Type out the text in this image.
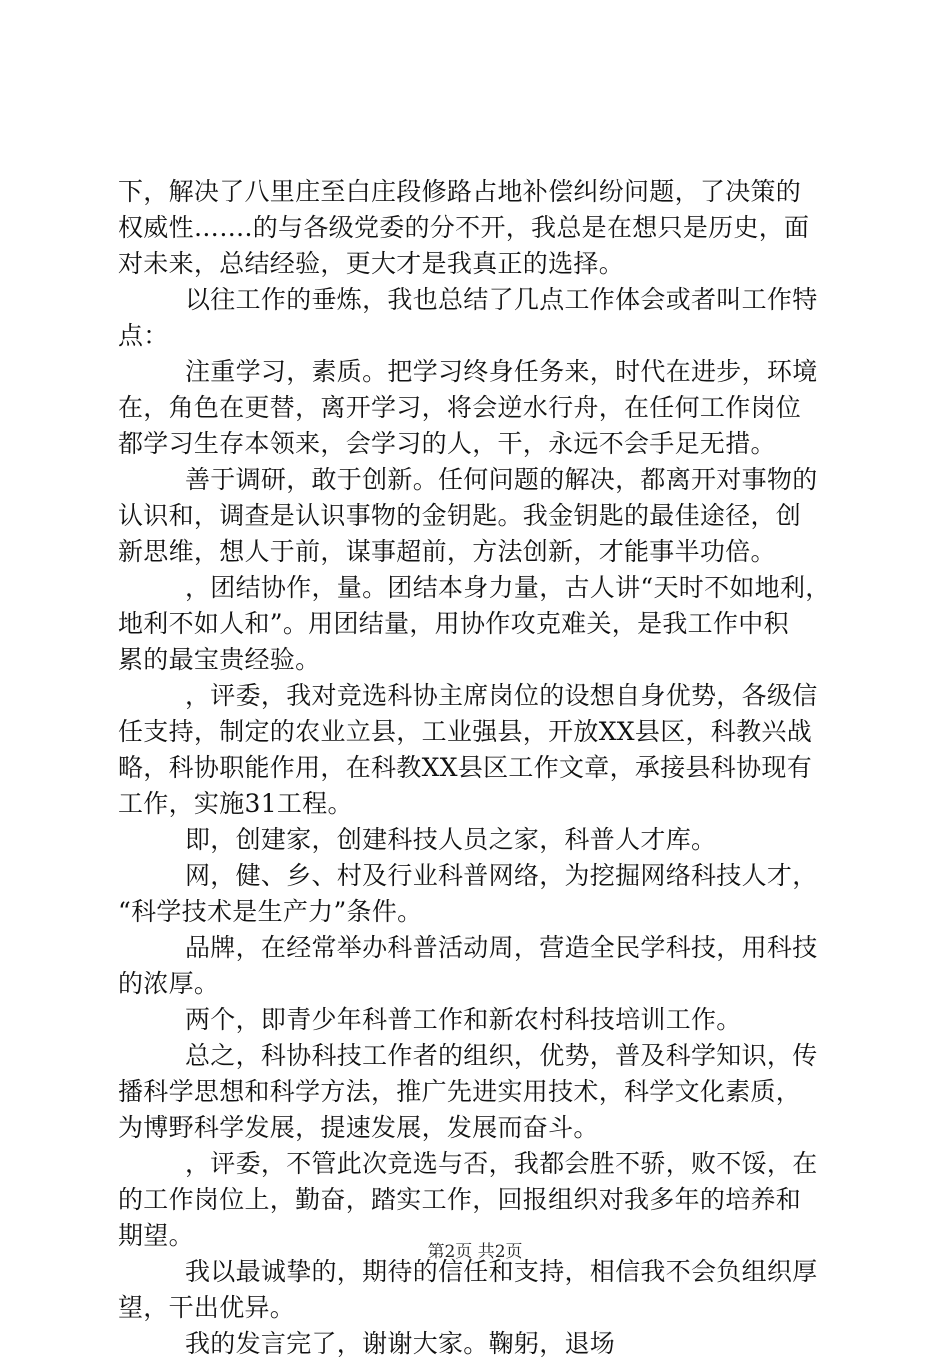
下，解决了八里庄至白庄段修路占地补偿纠纷问题，了决策的
权威性…….的与各级党委的分不开，我总是在想只是历史，面
对未来，总结经验，更大才是我真正的选择。
以往工作的垂炼，我也总结了几点工作体会或者叫工作特
点：
注重学习，素质。把学习终身任务来，时代在进步，环境
在，角色在更替，离开学习，将会逆水行舟，在任何工作岗位
都学习生存本领来，会学习的人，干，永远不会手足无措。
善于调研，敢于创新。任何问题的解决，都离开对事物的
认识和，调查是认识事物的金钥匙。我金钥匙的最佳途径，创
新思维，想人于前，谋事超前，方法创新，才能事半功倍。
，团结协作，量。团结本身力量，古人讲“天时不如地利，
地利不如人和”。用团结量，用协作攻克难关，是我工作中积
累的最宝贵经验。
，评委，我对竞选科协主席岗位的设想自身优势，各级信
任支持，制定的农业立县，工业强县，开放XX县区，科教兴战
略，科协职能作用，在科教XX县区工作文章，承接县科协现有
工作，实施31工程。
即，创建家，创建科技人员之家，科普人才库。
网，健、乡、村及行业科普网络，为挖掘网络科技人才，
“科学技术是生产力”条件。
品牌，在经常举办科普活动周，营造全民学科技，用科技
的浓厚。
两个，即青少年科普工作和新农村科技培训工作。
总之，科协科技工作者的组织，优势，普及科学知识，传
播科学思想和科学方法，推广先进实用技术，科学文化素质，
为博野科学发展，提速发展，发展而奋斗。
，评委，不管此次竞选与否，我都会胜不骄，败不馁，在
的工作岗位上，勤奋，踏实工作，回报组织对我多年的培养和
期望。
我以最诚挚的，期待的信任和支持，相信我不会负组织厚
望，干出优异。
我的发言完了，谢谢大家。鞠躬，退场
第2页 共2页
